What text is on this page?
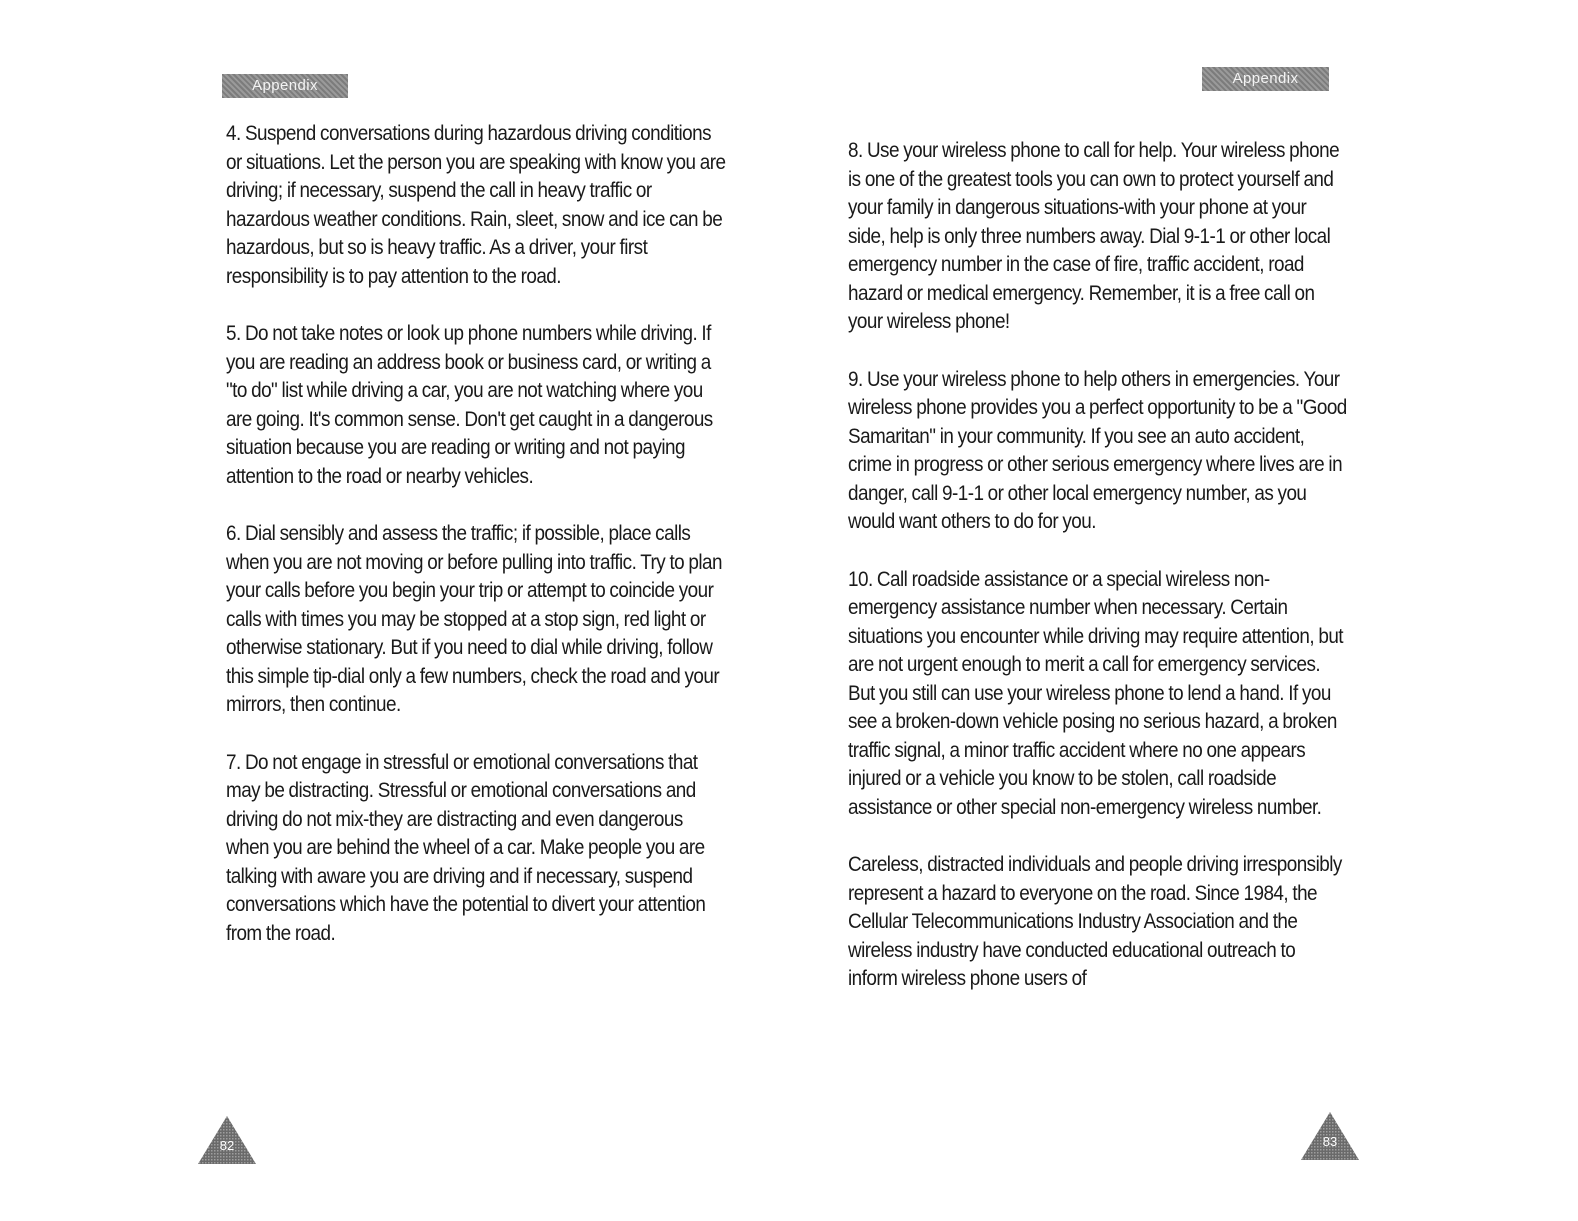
Appendix

4. Suspend conversations during hazardous driving conditions or situations. Let the person you are speaking with know you are driving; if necessary, suspend the call in heavy traffic or hazardous weather conditions. Rain, sleet, snow and ice can be hazardous, but so is heavy traffic. As a driver, your first responsibility is to pay attention to the road.

5. Do not take notes or look up phone numbers while driving. If you are reading an address book or business card, or writing a "to do" list while driving a car, you are not watching where you are going. It's common sense. Don't get caught in a dangerous situation because you are reading or writing and not paying attention to the road or nearby vehicles.

6. Dial sensibly and assess the traffic; if possible, place calls when you are not moving or before pulling into traffic. Try to plan your calls before you begin your trip or attempt to coincide your calls with times you may be stopped at a stop sign, red light or otherwise stationary. But if you need to dial while driving, follow this simple tip-dial only a few numbers, check the road and your mirrors, then continue.

7. Do not engage in stressful or emotional conversations that may be distracting. Stressful or emotional conversations and driving do not mix-they are distracting and even dangerous when you are behind the wheel of a car. Make people you are talking with aware you are driving and if necessary, suspend conversations which have the potential to divert your attention from the road.

82
Appendix

8. Use your wireless phone to call for help. Your wireless phone is one of the greatest tools you can own to protect yourself and your family in dangerous situations-with your phone at your side, help is only three numbers away. Dial 9-1-1 or other local emergency number in the case of fire, traffic accident, road hazard or medical emergency. Remember, it is a free call on your wireless phone!

9. Use your wireless phone to help others in emergencies. Your wireless phone provides you a perfect opportunity to be a "Good Samaritan" in your community. If you see an auto accident, crime in progress or other serious emergency where lives are in danger, call 9-1-1 or other local emergency number, as you would want others to do for you.

10. Call roadside assistance or a special wireless non-emergency assistance number when necessary. Certain situations you encounter while driving may require attention, but are not urgent enough to merit a call for emergency services. But you still can use your wireless phone to lend a hand. If you see a broken-down vehicle posing no serious hazard, a broken traffic signal, a minor traffic accident where no one appears injured or a vehicle you know to be stolen, call roadside assistance or other special non-emergency wireless number.

Careless, distracted individuals and people driving irresponsibly represent a hazard to everyone on the road. Since 1984, the Cellular Telecommunications Industry Association and the wireless industry have conducted educational outreach to inform wireless phone users of

83
